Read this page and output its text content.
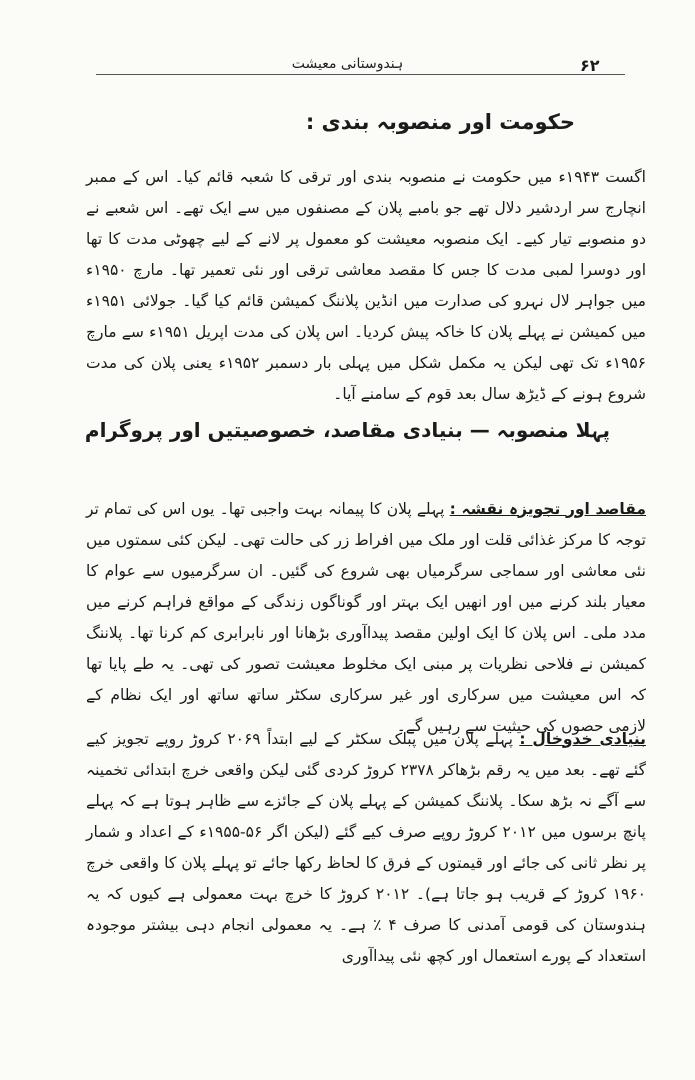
ہندوستانی معیشت	۶۲
حکومت اور منصوبہ بندی :

اگست ۱۹۴۳ء میں حکومت نے منصوبہ بندی اور ترقی کا شعبہ قائم کیا۔ اس کے ممبر انچارج سر اردشیر دلال تھے جو بامبے پلان کے مصنفوں میں سے ایک تھے۔ اس شعبے نے دو منصوبے تیار کیے۔ ایک منصوبہ معیشت کو معمول پر لانے کے لیے چھوٹی مدت کا تھا اور دوسرا لمبی مدت کا جس کا مقصد معاشی ترقی اور نئی تعمیر تھا۔ مارچ ۱۹۵۰ء میں جواہر لال نہرو کی صدارت میں انڈین پلاننگ کمیشن قائم کیا گیا۔ جولائی ۱۹۵۱ء میں کمیشن نے پہلے پلان کا خاکہ پیش کردیا۔ اس پلان کی مدت اپریل ۱۹۵۱ء سے مارچ ۱۹۵۶ء تک تھی لیکن یہ مکمل شکل میں پہلی بار دسمبر ۱۹۵۲ء یعنی پلان کی مدت شروع ہونے کے ڈیڑھ سال بعد قوم کے سامنے آیا۔

پہلا منصوبہ — بنیادی مقاصد، خصوصیتیں اور پروگرام

مقاصد اور تجویزہ نقشہ : پہلے پلان کا پیمانہ بہت واجبی تھا۔ یوں اس کی تمام تر توجہ کا مرکز غذائی قلت اور ملک میں افراط زر کی حالت تھی۔ لیکن کئی سمتوں میں نئی معاشی اور سماجی سرگرمیاں بھی شروع کی گئیں۔ ان سرگرمیوں سے عوام کا معیار بلند کرنے میں اور انھیں ایک بہتر اور گوناگوں زندگی کے مواقع فراہم کرنے میں مدد ملی۔ اس پلان کا ایک اولین مقصد پیداآوری بڑھانا اور نابرابری کم کرنا تھا۔ پلاننگ کمیشن نے فلاحی نظریات پر مبنی ایک مخلوط معیشت تصور کی تھی۔ یہ طے پایا تھا کہ اس معیشت میں سرکاری اور غیر سرکاری سکٹر ساتھ ساتھ اور ایک نظام کے لازمی حصوں کی حیثیت سے رہیں گے۔

بنیادی خدوخال : پہلے پلان میں پبلک سکٹر کے لیے ابتداً ۲۰۶۹ کروڑ روپے تجویز کیے گئے تھے۔ بعد میں یہ رقم بڑھاکر ۲۳۷۸ کروڑ کردی گئی لیکن واقعی خرچ ابتدائی تخمینہ سے آگے نہ بڑھ سکا۔ پلاننگ کمیشن کے پہلے پلان کے جائزے سے ظاہر ہوتا ہے کہ پہلے پانچ برسوں میں ۲۰۱۲ کروڑ روپے صرف کیے گئے (لیکن اگر ۵۶-۱۹۵۵ء کے اعداد و شمار پر نظر ثانی کی جائے اور قیمتوں کے فرق کا لحاظ رکھا جائے تو پہلے پلان کا واقعی خرچ ۱۹۶۰ کروڑ کے قریب ہو جاتا ہے)۔ ۲۰۱۲ کروڑ کا خرچ بہت معمولی ہے کیوں کہ یہ ہندوستان کی قومی آمدنی کا صرف ۴ ٪ ہے۔ یہ معمولی انجام دہی بیشتر موجودہ استعداد کے پورے استعمال اور کچھ نئی پیداآوری
